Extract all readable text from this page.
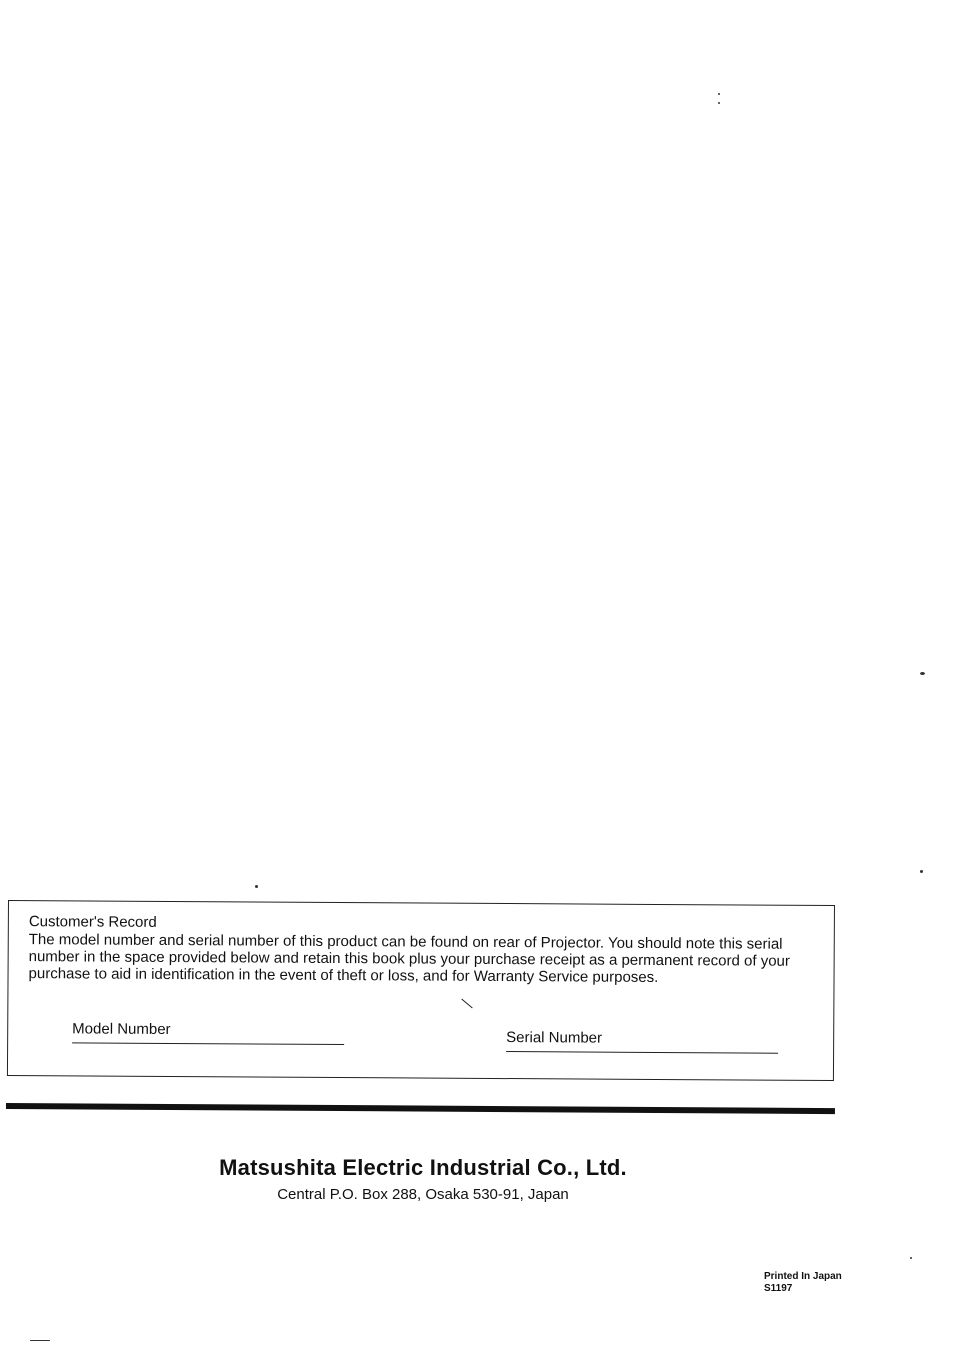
Customer's Record
The model number and serial number of this product can be found on rear of Projector. You should note this serial number in the space provided below and retain this book plus your purchase receipt as a permanent record of your purchase to aid in identification in the event of theft or loss, and for Warranty Service purposes.
Model Number	Serial Number
Matsushita Electric Industrial Co., Ltd.
Central P.O. Box 288, Osaka 530-91, Japan
Printed In Japan
S1197
